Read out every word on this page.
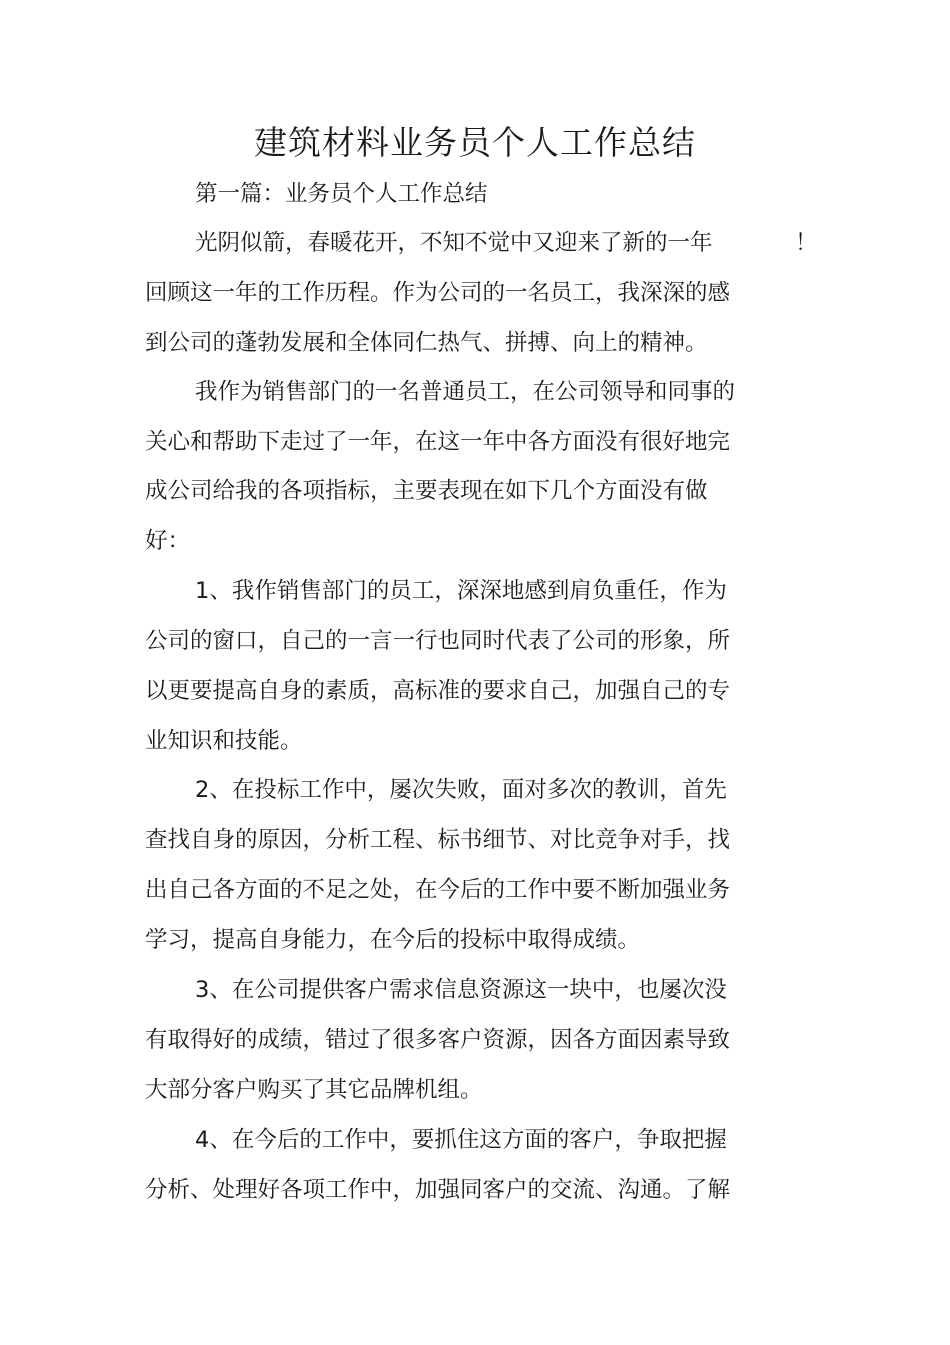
建筑材料业务员个人工作总结

第一篇：业务员个人工作总结

光阴似箭，春暖花开，不知不觉中又迎来了新的一年	！

回顾这一年的工作历程。作为公司的一名员工，我深深的感

到公司的蓬勃发展和全体同仁热气、拼搏、向上的精神。

我作为销售部门的一名普通员工，在公司领导和同事的

关心和帮助下走过了一年，在这一年中各方面没有很好地完

成公司给我的各项指标，主要表现在如下几个方面没有做

好：

1、我作销售部门的员工，深深地感到肩负重任，作为

公司的窗口，自己的一言一行也同时代表了公司的形象，所

以更要提高自身的素质，高标准的要求自己，加强自己的专

业知识和技能。

2、在投标工作中，屡次失败，面对多次的教训，首先

查找自身的原因，分析工程、标书细节、对比竞争对手，找

出自己各方面的不足之处，在今后的工作中要不断加强业务

学习，提高自身能力，在今后的投标中取得成绩。

3、在公司提供客户需求信息资源这一块中，也屡次没

有取得好的成绩，错过了很多客户资源，因各方面因素导致

大部分客户购买了其它品牌机组。

4、在今后的工作中，要抓住这方面的客户，争取把握

分析、处理好各项工作中，加强同客户的交流、沟通。了解
